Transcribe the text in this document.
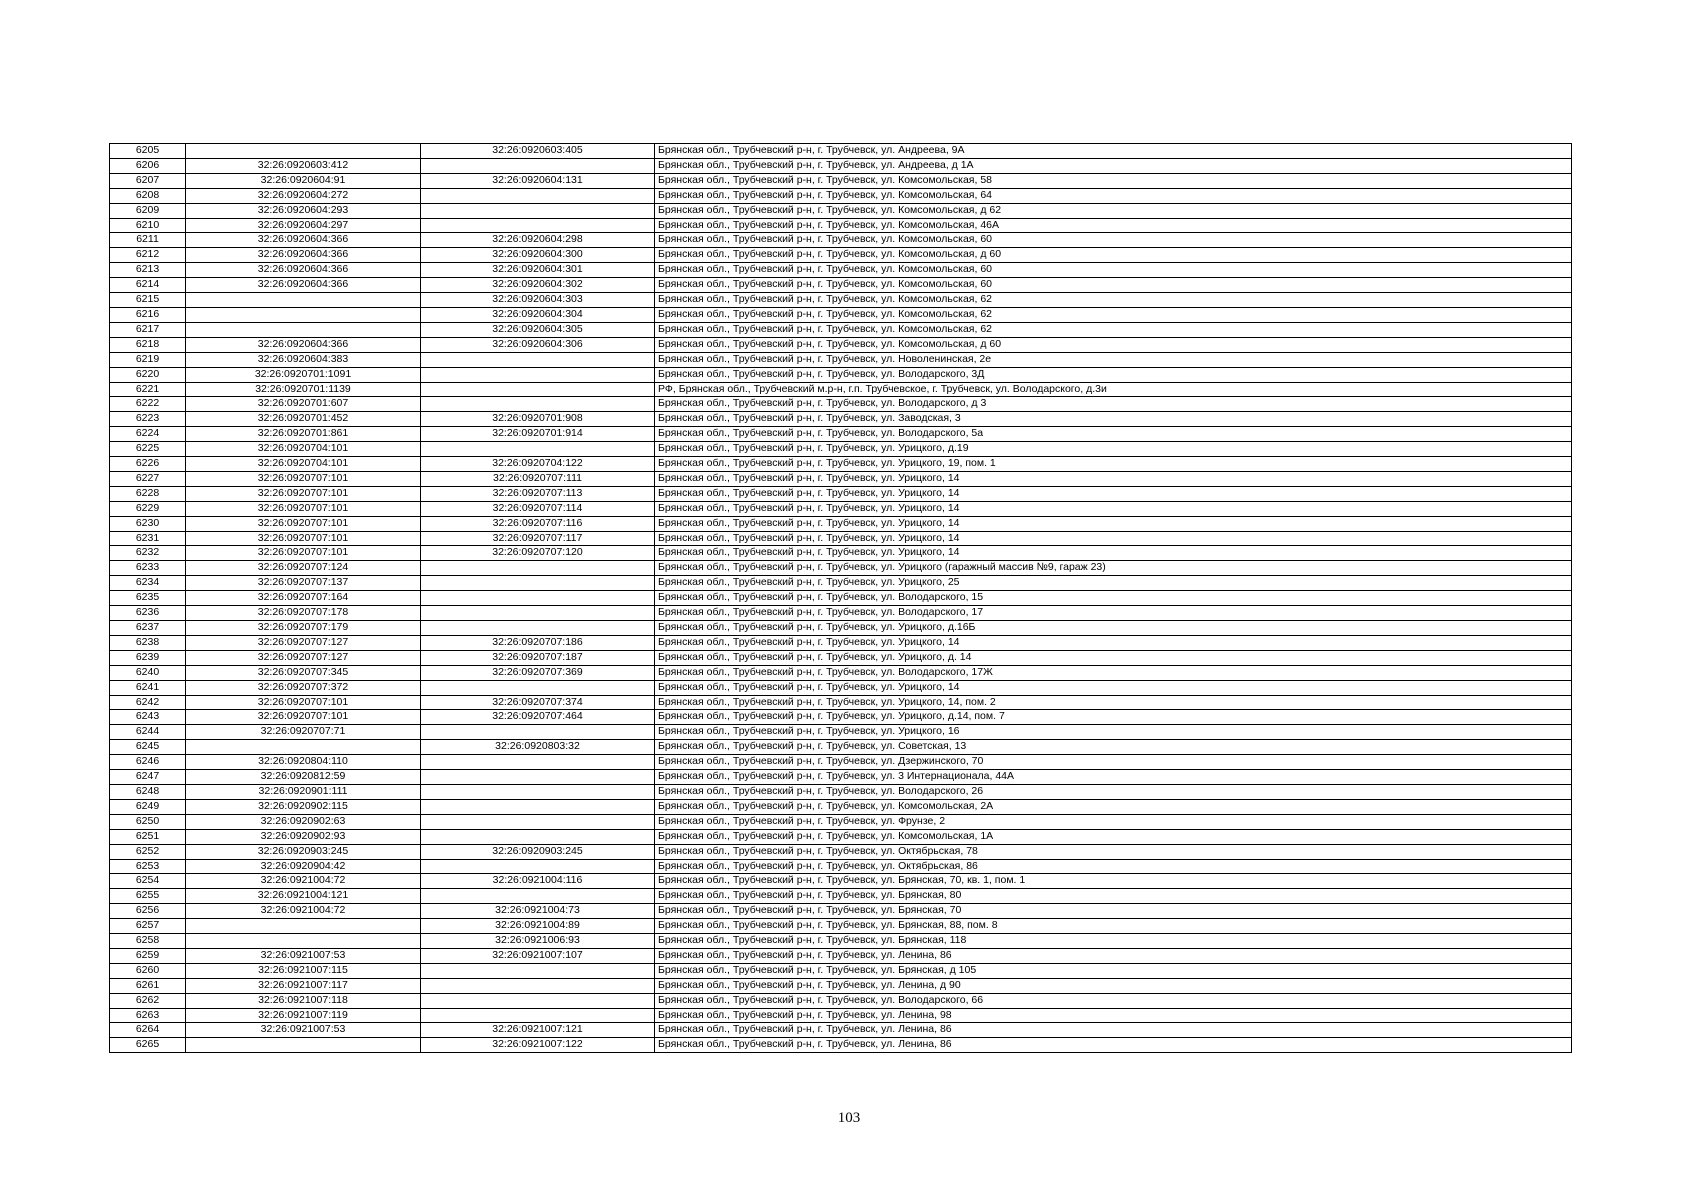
6205		32:26:0920603:405	Брянская обл., Трубчевский р-н, г. Трубчевск, ул. Андреева, 9А
6206	32:26:0920603:412		Брянская обл., Трубчевский р-н, г. Трубчевск, ул. Андреева, д 1А
6207	32:26:0920604:91	32:26:0920604:131	Брянская обл., Трубчевский р-н, г. Трубчевск, ул. Комсомольская, 58
6208	32:26:0920604:272		Брянская обл., Трубчевский р-н, г. Трубчевск, ул. Комсомольская, 64
6209	32:26:0920604:293		Брянская обл., Трубчевский р-н, г. Трубчевск, ул. Комсомольская, д 62
6210	32:26:0920604:297		Брянская обл., Трубчевский р-н, г. Трубчевск, ул. Комсомольская, 46А
6211	32:26:0920604:366	32:26:0920604:298	Брянская обл., Трубчевский р-н, г. Трубчевск, ул. Комсомольская, 60
6212	32:26:0920604:366	32:26:0920604:300	Брянская обл., Трубчевский р-н, г. Трубчевск, ул. Комсомольская, д 60
6213	32:26:0920604:366	32:26:0920604:301	Брянская обл., Трубчевский р-н, г. Трубчевск, ул. Комсомольская, 60
6214	32:26:0920604:366	32:26:0920604:302	Брянская обл., Трубчевский р-н, г. Трубчевск, ул. Комсомольская, 60
6215		32:26:0920604:303	Брянская обл., Трубчевский р-н, г. Трубчевск, ул. Комсомольская, 62
6216		32:26:0920604:304	Брянская обл., Трубчевский р-н, г. Трубчевск, ул. Комсомольская, 62
6217		32:26:0920604:305	Брянская обл., Трубчевский р-н, г. Трубчевск, ул. Комсомольская, 62
6218	32:26:0920604:366	32:26:0920604:306	Брянская обл., Трубчевский р-н, г. Трубчевск, ул. Комсомольская, д 60
6219	32:26:0920604:383		Брянская обл., Трубчевский р-н, г. Трубчевск, ул. Новоленинская, 2е
6220	32:26:0920701:1091		Брянская обл., Трубчевский р-н, г. Трубчевск, ул. Володарского, 3Д
6221	32:26:0920701:1139		РФ, Брянская обл., Трубчевский м.р-н, г.п. Трубчевское, г. Трубчевск, ул. Володарского, д.3и
6222	32:26:0920701:607		Брянская обл., Трубчевский р-н, г. Трубчевск, ул. Володарского, д 3
6223	32:26:0920701:452	32:26:0920701:908	Брянская обл., Трубчевский р-н, г. Трубчевск, ул. Заводская, 3
6224	32:26:0920701:861	32:26:0920701:914	Брянская обл., Трубчевский р-н, г. Трубчевск, ул. Володарского, 5а
6225	32:26:0920704:101		Брянская обл., Трубчевский р-н, г. Трубчевск, ул. Урицкого, д.19
6226	32:26:0920704:101	32:26:0920704:122	Брянская обл., Трубчевский р-н, г. Трубчевск, ул. Урицкого, 19, пом. 1
6227	32:26:0920707:101	32:26:0920707:111	Брянская обл., Трубчевский р-н, г. Трубчевск, ул. Урицкого, 14
6228	32:26:0920707:101	32:26:0920707:113	Брянская обл., Трубчевский р-н, г. Трубчевск, ул. Урицкого, 14
6229	32:26:0920707:101	32:26:0920707:114	Брянская обл., Трубчевский р-н, г. Трубчевск, ул. Урицкого, 14
6230	32:26:0920707:101	32:26:0920707:116	Брянская обл., Трубчевский р-н, г. Трубчевск, ул. Урицкого, 14
6231	32:26:0920707:101	32:26:0920707:117	Брянская обл., Трубчевский р-н, г. Трубчевск, ул. Урицкого, 14
6232	32:26:0920707:101	32:26:0920707:120	Брянская обл., Трубчевский р-н, г. Трубчевск, ул. Урицкого, 14
6233	32:26:0920707:124		Брянская обл., Трубчевский р-н, г. Трубчевск, ул. Урицкого (гаражный массив №9, гараж 23)
6234	32:26:0920707:137		Брянская обл., Трубчевский р-н, г. Трубчевск, ул. Урицкого, 25
6235	32:26:0920707:164		Брянская обл., Трубчевский р-н, г. Трубчевск, ул. Володарского, 15
6236	32:26:0920707:178		Брянская обл., Трубчевский р-н, г. Трубчевск, ул. Володарского, 17
6237	32:26:0920707:179		Брянская обл., Трубчевский р-н, г. Трубчевск, ул. Урицкого, д.16Б
6238	32:26:0920707:127	32:26:0920707:186	Брянская обл., Трубчевский р-н, г. Трубчевск, ул. Урицкого, 14
6239	32:26:0920707:127	32:26:0920707:187	Брянская обл., Трубчевский р-н, г. Трубчевск, ул. Урицкого, д. 14
6240	32:26:0920707:345	32:26:0920707:369	Брянская обл., Трубчевский р-н, г. Трубчевск, ул. Володарского, 17Ж
6241	32:26:0920707:372		Брянская обл., Трубчевский р-н, г. Трубчевск, ул. Урицкого, 14
6242	32:26:0920707:101	32:26:0920707:374	Брянская обл., Трубчевский р-н, г. Трубчевск, ул. Урицкого, 14, пом. 2
6243	32:26:0920707:101	32:26:0920707:464	Брянская обл., Трубчевский р-н, г. Трубчевск, ул. Урицкого, д.14, пом. 7
6244	32:26:0920707:71		Брянская обл., Трубчевский р-н, г. Трубчевск, ул. Урицкого, 16
6245		32:26:0920803:32	Брянская обл., Трубчевский р-н, г. Трубчевск, ул. Советская, 13
6246	32:26:0920804:110		Брянская обл., Трубчевский р-н, г. Трубчевск, ул. Дзержинского, 70
6247	32:26:0920812:59		Брянская обл., Трубчевский р-н, г. Трубчевск, ул. 3 Интернационала, 44А
6248	32:26:0920901:111		Брянская обл., Трубчевский р-н, г. Трубчевск, ул. Володарского, 26
6249	32:26:0920902:115		Брянская обл., Трубчевский р-н, г. Трубчевск, ул. Комсомольская, 2А
6250	32:26:0920902:63		Брянская обл., Трубчевский р-н, г. Трубчевск, ул. Фрунзе, 2
6251	32:26:0920902:93		Брянская обл., Трубчевский р-н, г. Трубчевск, ул. Комсомольская, 1А
6252	32:26:0920903:245	32:26:0920903:245	Брянская обл., Трубчевский р-н, г. Трубчевск, ул. Октябрьская, 78
6253	32:26:0920904:42		Брянская обл., Трубчевский р-н, г. Трубчевск, ул. Октябрьская, 86
6254	32:26:0921004:72	32:26:0921004:116	Брянская обл., Трубчевский р-н, г. Трубчевск, ул. Брянская, 70, кв. 1, пом. 1
6255	32:26:0921004:121		Брянская обл., Трубчевский р-н, г. Трубчевск, ул. Брянская, 80
6256	32:26:0921004:72	32:26:0921004:73	Брянская обл., Трубчевский р-н, г. Трубчевск, ул. Брянская, 70
6257		32:26:0921004:89	Брянская обл., Трубчевский р-н, г. Трубчевск, ул. Брянская, 88, пом. 8
6258		32:26:0921006:93	Брянская обл., Трубчевский р-н, г. Трубчевск, ул. Брянская, 118
6259	32:26:0921007:53	32:26:0921007:107	Брянская обл., Трубчевский р-н, г. Трубчевск, ул. Ленина, 86
6260	32:26:0921007:115		Брянская обл., Трубчевский р-н, г. Трубчевск, ул. Брянская, д 105
6261	32:26:0921007:117		Брянская обл., Трубчевский р-н, г. Трубчевск, ул. Ленина, д 90
6262	32:26:0921007:118		Брянская обл., Трубчевский р-н, г. Трубчевск, ул. Володарского, 66
6263	32:26:0921007:119		Брянская обл., Трубчевский р-н, г. Трубчевск, ул. Ленина, 98
6264	32:26:0921007:53	32:26:0921007:121	Брянская обл., Трубчевский р-н, г. Трубчевск, ул. Ленина, 86
6265		32:26:0921007:122	Брянская обл., Трубчевский р-н, г. Трубчевск, ул. Ленина, 86
103
